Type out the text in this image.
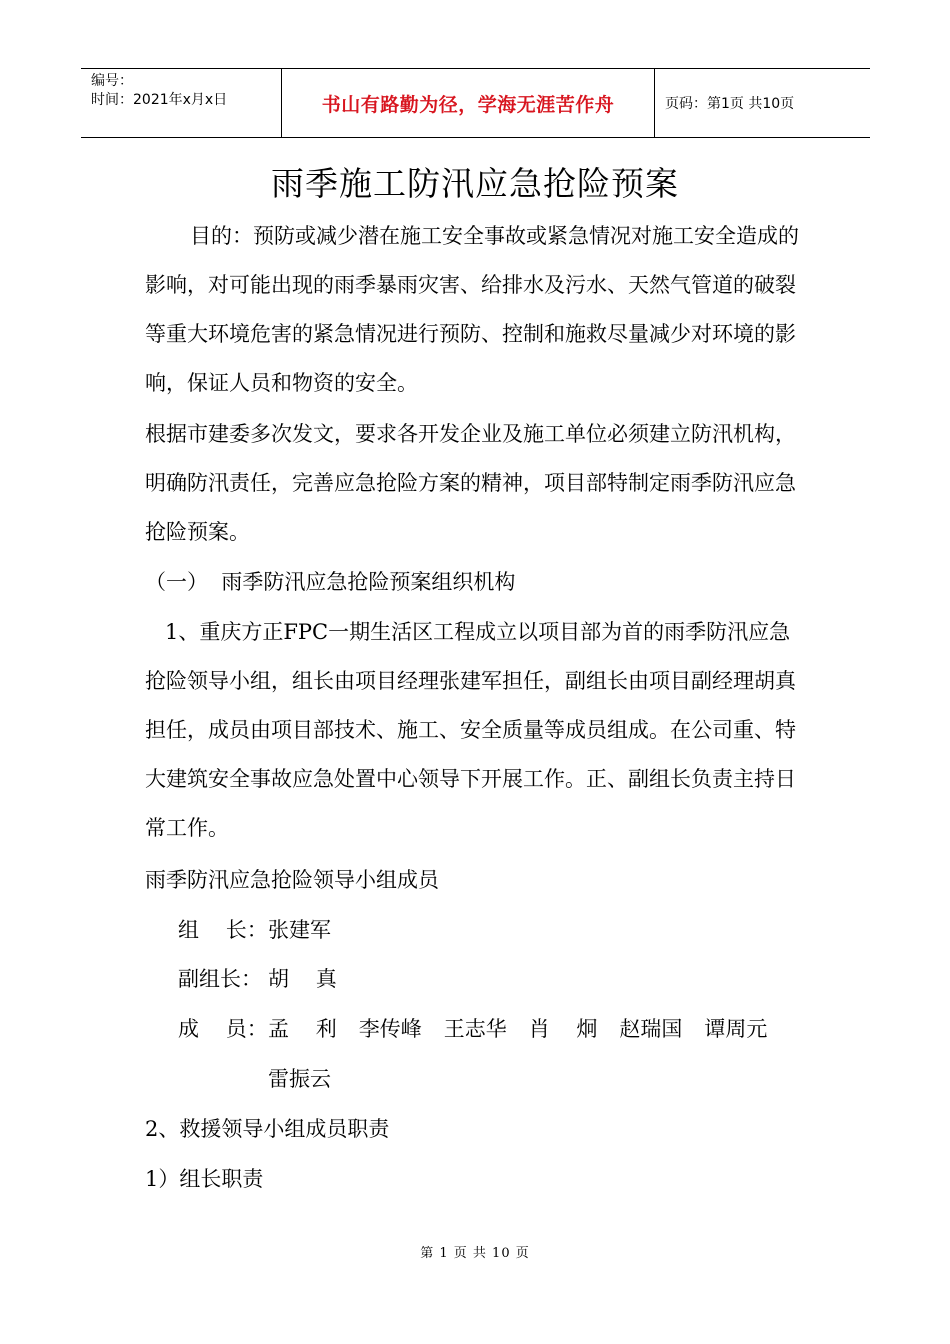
编号：
时间：2021年x月x日	书山有路勤为径，学海无涯苦作舟	页码：第1页 共10页
雨季施工防汛应急抢险预案
目的：预防或减少潜在施工安全事故或紧急情况对施工安全造成的影响，对可能出现的雨季暴雨灾害、给排水及污水、天然气管道的破裂等重大环境危害的紧急情况进行预防、控制和施救尽量减少对环境的影响，保证人员和物资的安全。
根据市建委多次发文，要求各开发企业及施工单位必须建立防汛机构，明确防汛责任，完善应急抢险方案的精神，项目部特制定雨季防汛应急抢险预案。
（一）  雨季防汛应急抢险预案组织机构
1、重庆方正FPC一期生活区工程成立以项目部为首的雨季防汛应急抢险领导小组，组长由项目经理张建军担任，副组长由项目副经理胡真担任，成员由项目部技术、施工、安全质量等成员组成。在公司重、特大建筑安全事故应急处置中心领导下开展工作。正、副组长负责主持日常工作。
雨季防汛应急抢险领导小组成员
组    长： 张建军
副组长： 胡    真
成    员： 孟    利 李传峰 王志华 肖    炯 赵瑞国 谭周元
雷振云
2、救援领导小组成员职责
1）组长职责
第 1 页 共 10 页
